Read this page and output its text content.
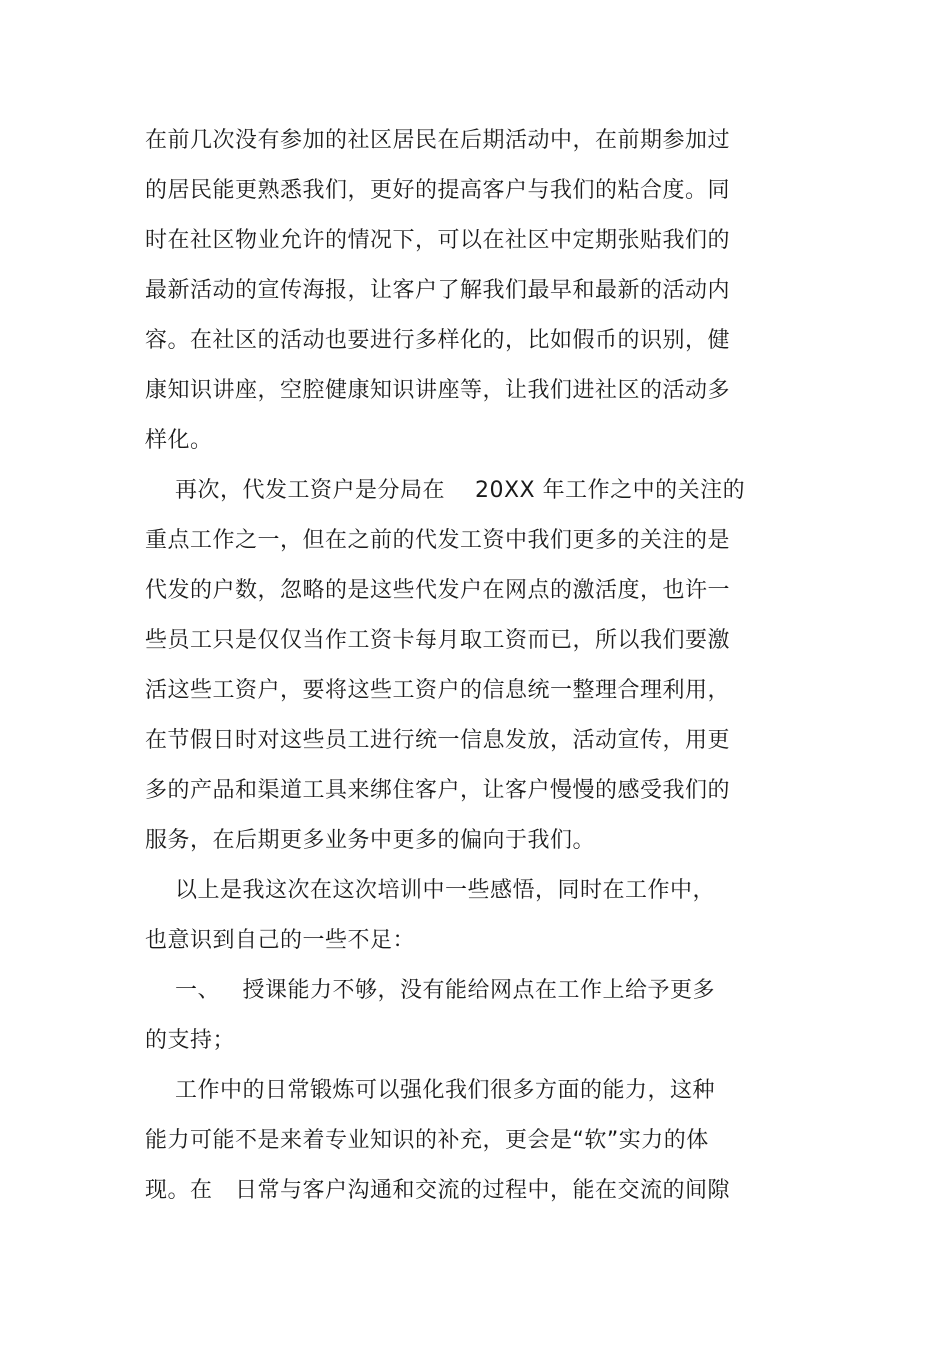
在前几次没有参加的社区居民在后期活动中，在前期参加过
的居民能更熟悉我们，更好的提高客户与我们的粘合度。同
时在社区物业允许的情况下，可以在社区中定期张贴我们的
最新活动的宣传海报，让客户了解我们最早和最新的活动内
容。在社区的活动也要进行多样化的，比如假币的识别，健
康知识讲座，空腔健康知识讲座等，让我们进社区的活动多
样化。
再次，代发工资户是分局在    20XX 年工作之中的关注的
重点工作之一，但在之前的代发工资中我们更多的关注的是
代发的户数，忽略的是这些代发户在网点的激活度，也许一
些员工只是仅仅当作工资卡每月取工资而已，所以我们要激
活这些工资户，要将这些工资户的信息统一整理合理利用，
在节假日时对这些员工进行统一信息发放，活动宣传，用更
多的产品和渠道工具来绑住客户，让客户慢慢的感受我们的
服务，在后期更多业务中更多的偏向于我们。
以上是我这次在这次培训中一些感悟，同时在工作中，
也意识到自己的一些不足：
一、   授课能力不够，没有能给网点在工作上给予更多
的支持；
工作中的日常锻炼可以强化我们很多方面的能力，这种
能力可能不是来着专业知识的补充，更会是“软”实力的体
现。在   日常与客户沟通和交流的过程中，能在交流的间隙
